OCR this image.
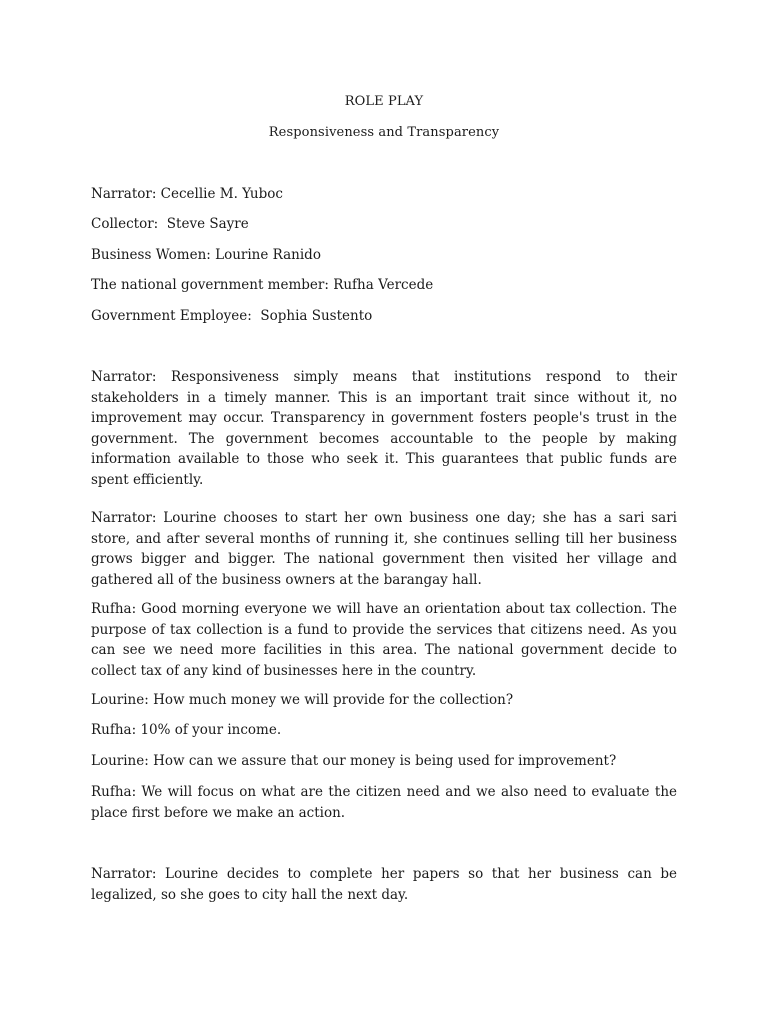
ROLE PLAY
Responsiveness and Transparency
Narrator: Cecellie M. Yuboc
Collector:  Steve Sayre
Business Women: Lourine Ranido
The national government member: Rufha Vercede
Government Employee:  Sophia Sustento

Narrator: Responsiveness simply means that institutions respond to their stakeholders in a timely manner. This is an important trait since without it, no improvement may occur. Transparency in government fosters people's trust in the government. The government becomes accountable to the people by making information available to those who seek it. This guarantees that public funds are spent efficiently.

Narrator: Lourine chooses to start her own business one day; she has a sari sari store, and after several months of running it, she continues selling till her business grows bigger and bigger. The national government then visited her village and gathered all of the business owners at the barangay hall.

Rufha: Good morning everyone we will have an orientation about tax collection. The purpose of tax collection is a fund to provide the services that citizens need. As you can see we need more facilities in this area. The national government decide to collect tax of any kind of businesses here in the country.

Lourine: How much money we will provide for the collection?
Rufha: 10% of your income.
Lourine: How can we assure that our money is being used for improvement?

Rufha: We will focus on what are the citizen need and we also need to evaluate the place first before we make an action.

Narrator: Lourine decides to complete her papers so that her business can be legalized, so she goes to city hall the next day.
